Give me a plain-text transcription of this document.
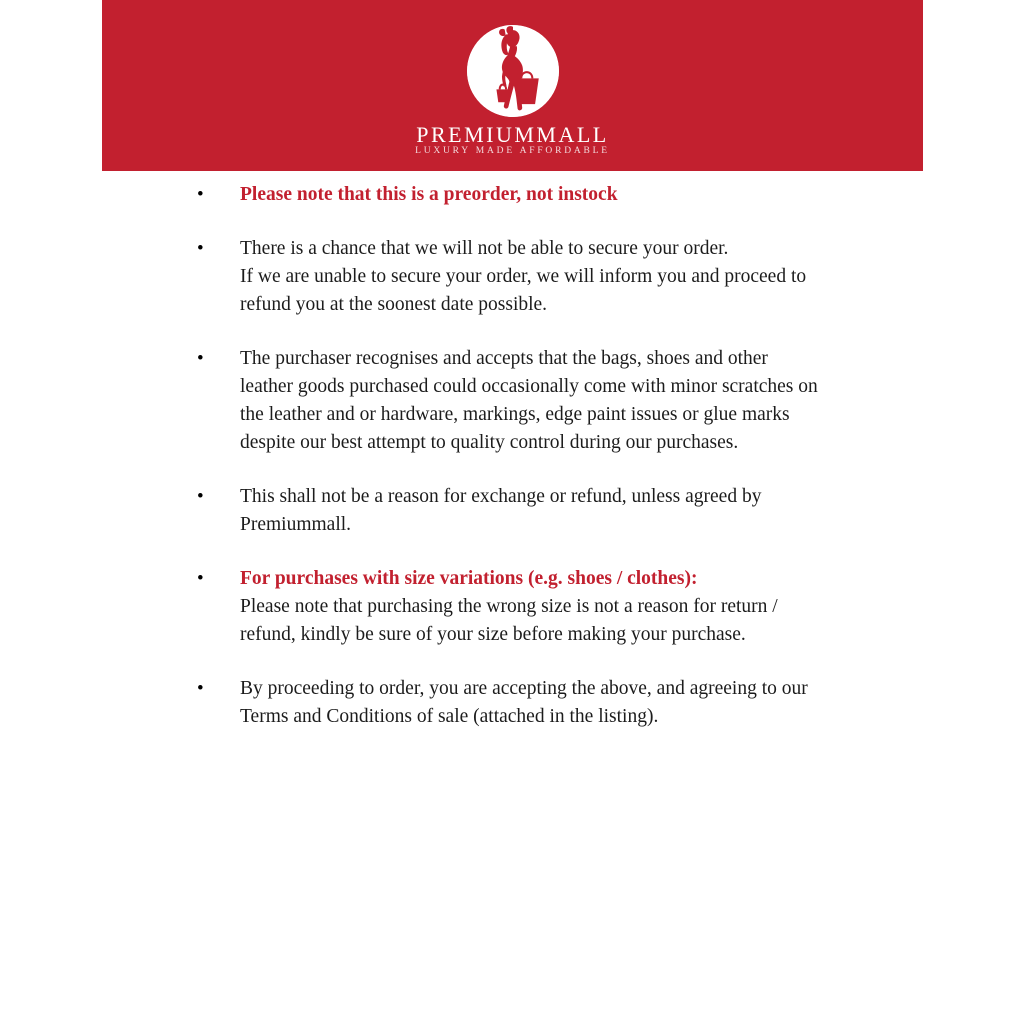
PREMIUMMALL
LUXURY MADE AFFORDABLE
•	Please note that this is a preorder, not instock
•	There is a chance that we will not be able to secure your order.
If we are unable to secure your order, we will inform you and proceed to
refund you at the soonest date possible.
•	The purchaser recognises and accepts that the bags, shoes and other
leather goods purchased could occasionally come with minor scratches on
the leather and or hardware, markings, edge paint issues or glue marks
despite our best attempt to quality control during our purchases.
•	This shall not be a reason for exchange or refund, unless agreed by
Premiummall.
•	For purchases with size variations (e.g. shoes / clothes):
Please note that purchasing the wrong size is not a reason for return /
refund, kindly be sure of your size before making your purchase.
•	By proceeding to order, you are accepting the above, and agreeing to our
Terms and Conditions of sale (attached in the listing).
